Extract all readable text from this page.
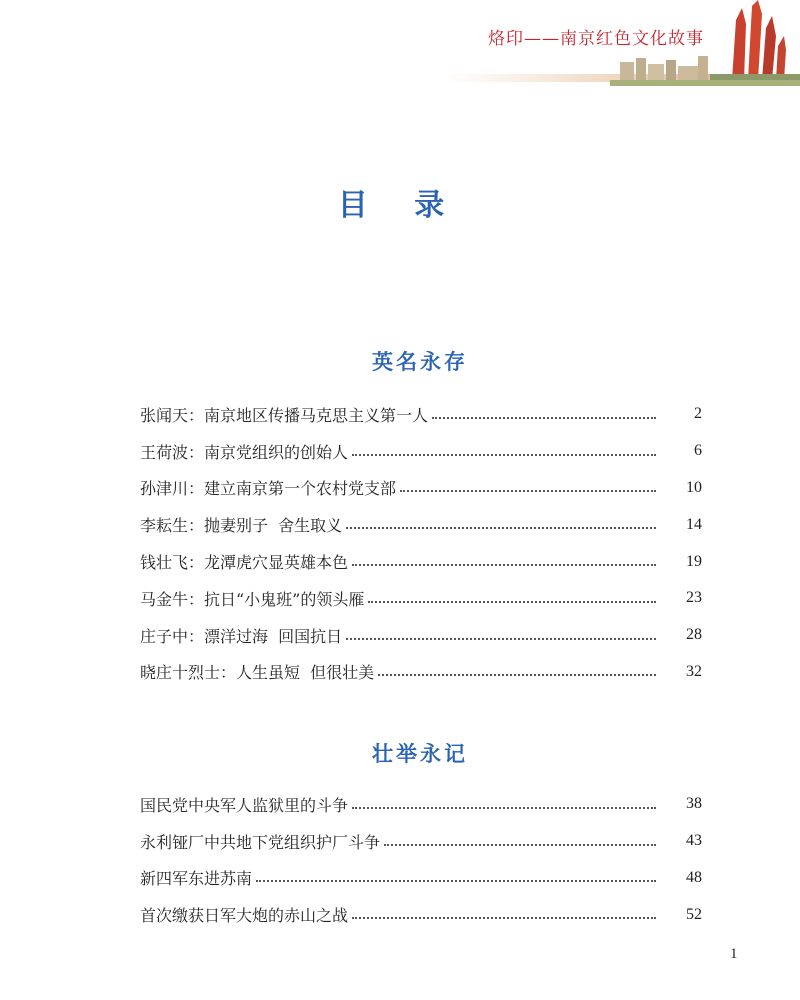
烙印——南京红色文化故事
目 录
英名永存
张闻天：南京地区传播马克思主义第一人	2
王荷波：南京党组织的创始人	6
孙津川：建立南京第一个农村党支部	10
李耘生：抛妻别子  舍生取义	14
钱壮飞：龙潭虎穴显英雄本色	19
马金牛：抗日“小鬼班”的领头雁	23
庄子中：漂洋过海  回国抗日	28
晓庄十烈士：人生虽短  但很壮美	32
壮举永记
国民党中央军人监狱里的斗争	38
永利铔厂中共地下党组织护厂斗争	43
新四军东进苏南	48
首次缴获日军大炮的赤山之战	52
1
